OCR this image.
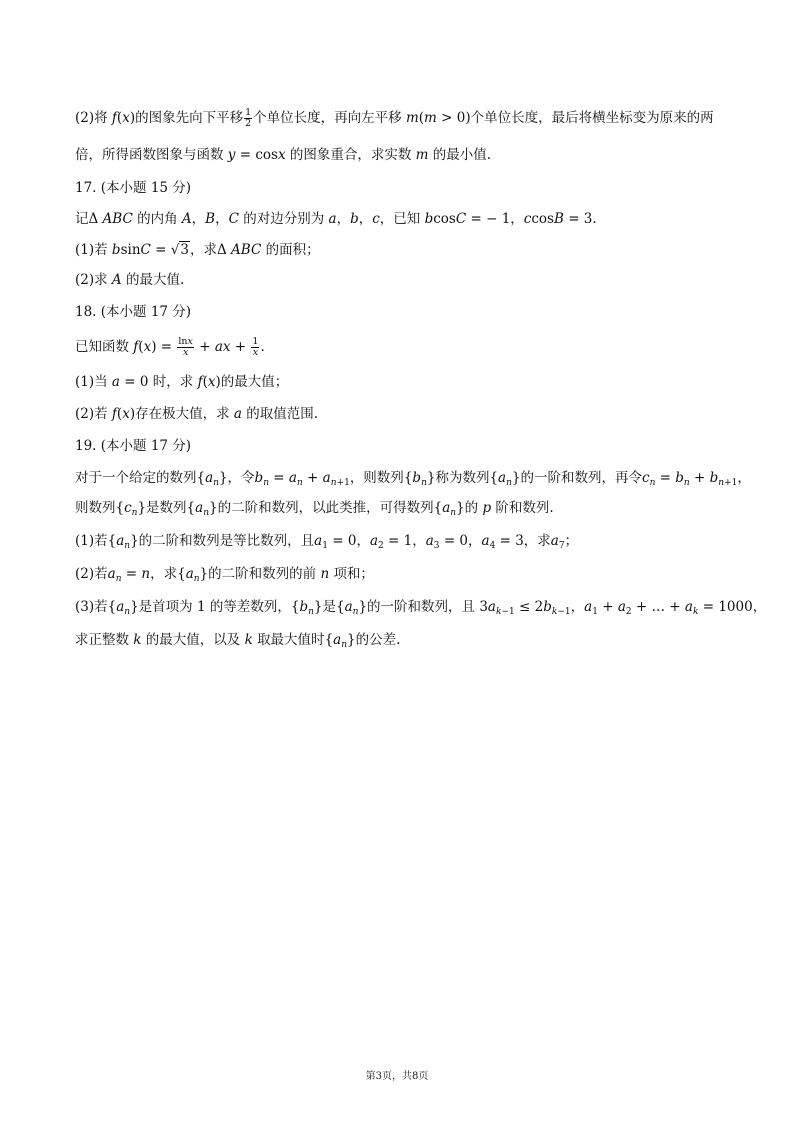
(2)将 f(x)的图象先向下平移 $\frac{1}{2}$ 个单位长度，再向左平移 m(m > 0)个单位长度，最后将横坐标变为原来的两
倍，所得函数图象与函数 y = cosx 的图象重合，求实数 m 的最小值.
17. (本小题 15 分)
记Δ ABC 的内角 A，B，C 的对边分别为 a，b，c，已知 bcosC = − 1，ccosB = 3.
(1)若 bsinC = √3，求Δ ABC 的面积；
(2)求 A 的最大值.
18. (本小题 17 分)
已知函数 $f(x) = \frac{\ln x}{x}$ + ax + $\frac{1}{x}$ .
(1)当 a = 0 时，求 f(x)的最大值；
(2)若 f(x)存在极大值，求 a 的取值范围.
19. (本小题 17 分)
对于一个给定的数列$\{a_n\}$，令$b_n = a_n + a_{n+1}$，则数列$\{b_n\}$称为数列$\{a_n\}$的一阶和数列，再令$c_n = b_n + b_{n+1}$，
则数列$\{c_n\}$是数列$\{a_n\}$的二阶和数列，以此类推，可得数列$\{a_n\}$的 p 阶和数列.
(1)若$\{a_n\}$的二阶和数列是等比数列，且$a_1 = 0$，$a_2 = 1$，$a_3 = 0$，$a_4 = 3$，求$a_7$；
(2)若$a_n = n$，求$\{a_n\}$的二阶和数列的前 n 项和；
(3)若$\{a_n\}$是首项为 1 的等差数列，$\{b_n\}$是$\{a_n\}$的一阶和数列，且 $3a_{k-1} \le 2b_{k-1}$，$a_1 + a_2$ + … + $a_k = 1000$，
求正整数 k 的最大值，以及 k 取最大值时$\{a_n\}$的公差.
第3页，共8页
